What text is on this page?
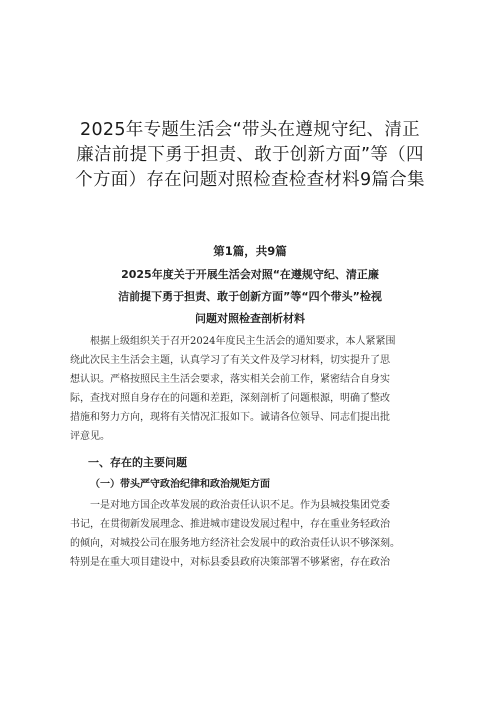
2025年专题生活会“带头在遵规守纪、清正
廉洁前提下勇于担责、敢于创新方面”等（四
个方面）存在问题对照检查检查材料9篇合集

第1篇，共9篇

2025年度关于开展生活会对照“在遵规守纪、清正廉
洁前提下勇于担责、敢于创新方面”等“四个带头”检视
问题对照检查剖析材料
根据上级组织关于召开2024年度民主生活会的通知要求，本人紧紧围
绕此次民主生活会主题，认真学习了有关文件及学习材料，切实提升了思
想认识。严格按照民主生活会要求，落实相关会前工作，紧密结合自身实
际，查找对照自身存在的问题和差距，深刻剖析了问题根源，明确了整改
措施和努力方向，现将有关情况汇报如下。诚请各位领导、同志们提出批
评意见。
一、存在的主要问题
（一）带头严守政治纪律和政治规矩方面
一是对地方国企改革发展的政治责任认识不足。作为县城投集团党委
书记，在贯彻新发展理念、推进城市建设发展过程中，存在重业务轻政治
的倾向，对城投公司在服务地方经济社会发展中的政治责任认识不够深刻。
特别是在重大项目建设中，对标县委县政府决策部署不够紧密，存在政治
